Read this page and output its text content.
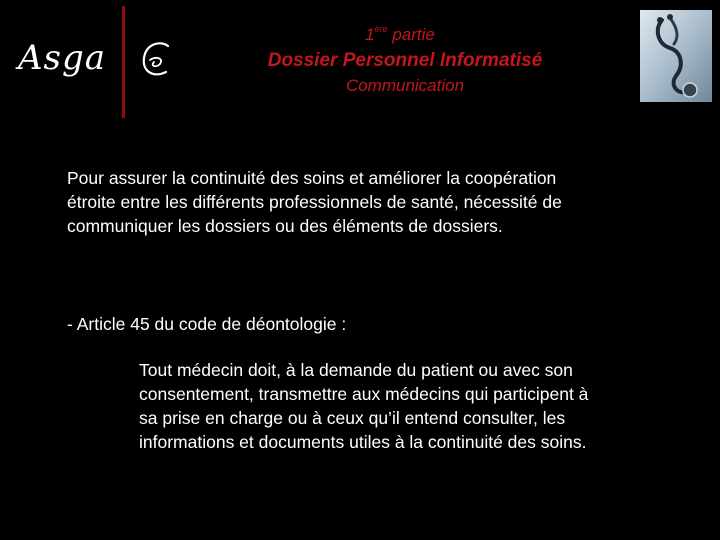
Asga
1ère partie
Dossier Personnel Informatisé
Communication
Pour assurer la continuité des soins et améliorer la coopération
étroite entre les différents professionnels de santé, nécessité de
communiquer les dossiers ou des éléments de dossiers.
- Article 45 du code de déontologie :
Tout médecin doit, à la demande du patient ou avec son
consentement, transmettre aux médecins qui participent à
sa prise en charge ou à ceux qu’il entend consulter, les
informations et documents utiles à la continuité des soins.
